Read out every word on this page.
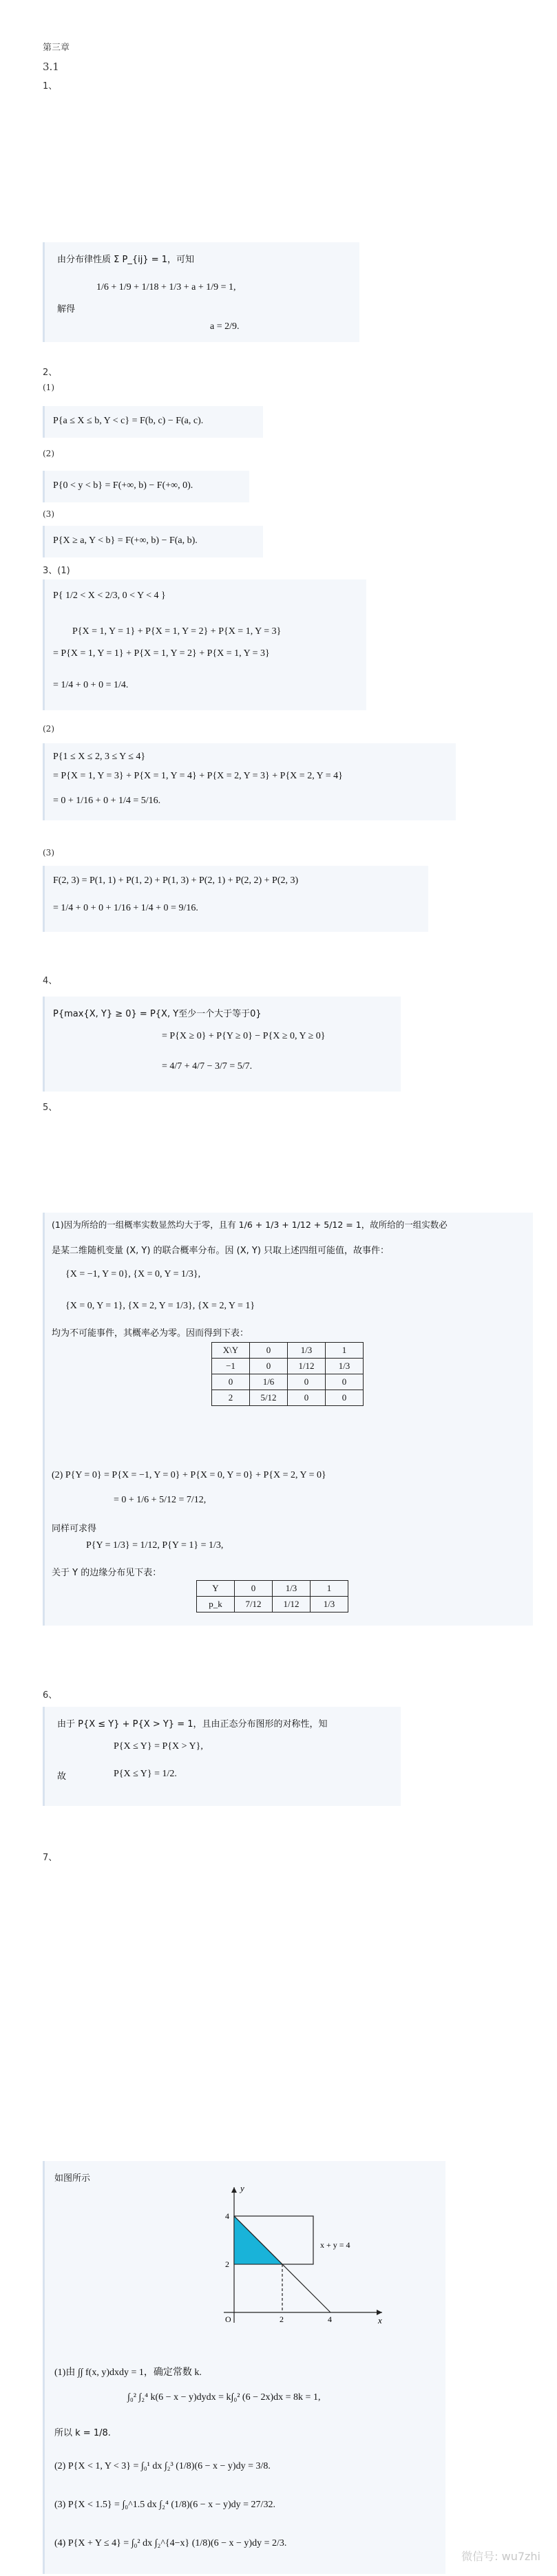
第三章
3.1
1、
由分布律性质 Σ P_{ij} = 1，可知
1/6 + 1/9 + 1/18 + 1/3 + a + 1/9 = 1,
解得
a = 2/9.
2、
(1)
P{a ≤ X ≤ b, Y < c} = F(b, c) − F(a, c).
(2)
P{0 < y < b} = F(+∞, b) − F(+∞, 0).
(3)
P{X ≥ a, Y < b} = F(+∞, b) − F(a, b).
3、(1)
P{ 1/2 < X < 2/3, 0 < Y < 4 }
P{X = 1, Y = 1} + P{X = 1, Y = 2} + P{X = 1, Y = 3}
= P{X = 1, Y = 1} + P{X = 1, Y = 2} + P{X = 1, Y = 3}
= 1/4 + 0 + 0 = 1/4.
(2)
P{1 ≤ X ≤ 2, 3 ≤ Y ≤ 4}
= P{X = 1, Y = 3} + P{X = 1, Y = 4} + P{X = 2, Y = 3} + P{X = 2, Y = 4}
= 0 + 1/16 + 0 + 1/4 = 5/16.
(3)
F(2, 3) = P(1, 1) + P(1, 2) + P(1, 3) + P(2, 1) + P(2, 2) + P(2, 3)
= 1/4 + 0 + 0 + 1/16 + 1/4 + 0 = 9/16.
4、
P{max{X, Y} ≥ 0} = P{X, Y至少一个大于等于0}
= P{X ≥ 0} + P{Y ≥ 0} − P{X ≥ 0, Y ≥ 0}
= 4/7 + 4/7 − 3/7 = 5/7.
5、
(1)因为所给的一组概率实数显然均大于零，且有 1/6 + 1/3 + 1/12 + 5/12 = 1，故所给的一组实数必
是某二维随机变量 (X, Y) 的联合概率分布。因 (X, Y) 只取上述四组可能值，故事件：
{X = −1, Y = 0}, {X = 0, Y = 1/3},
{X = 0, Y = 1}, {X = 2, Y = 1/3}, {X = 2, Y = 1}
均为不可能事件，其概率必为零。因而得到下表：
X\Y	0	1/3	1
−1	0	1/12	1/3
0	1/6	0	0
2	5/12	0	0
(2) P{Y = 0} = P{X = −1, Y = 0} + P{X = 0, Y = 0} + P{X = 2, Y = 0}
= 0 + 1/6 + 5/12 = 7/12,
同样可求得
P{Y = 1/3} = 1/12, P{Y = 1} = 1/3,
关于 Y 的边缘分布见下表：
Y	0	1/3	1
p_k	7/12	1/12	1/3
6、
由于 P{X ≤ Y} + P{X > Y} = 1，且由正态分布图形的对称性，知
P{X ≤ Y} = P{X > Y},
故	P{X ≤ Y} = 1/2.
7、
如图所示
y
x
O
4
2
2	4
x + y = 4
(1)由 ∫∫ f(x, y)dxdy = 1，确定常数 k.
∫₀² ∫₂⁴ k(6 − x − y)dydx = k∫₀² (6 − 2x)dx = 8k = 1,
所以 k = 1/8.
(2) P{X < 1, Y < 3} = ∫₀¹ dx ∫₂³ (1/8)(6 − x − y)dy = 3/8.
(3) P{X < 1.5} = ∫₀^1.5 dx ∫₂⁴ (1/8)(6 − x − y)dy = 27/32.
(4) P{X + Y ≤ 4} = ∫₀² dx ∫₂^{4−x} (1/8)(6 − x − y)dy = 2/3.
微信号: wu7zhi
